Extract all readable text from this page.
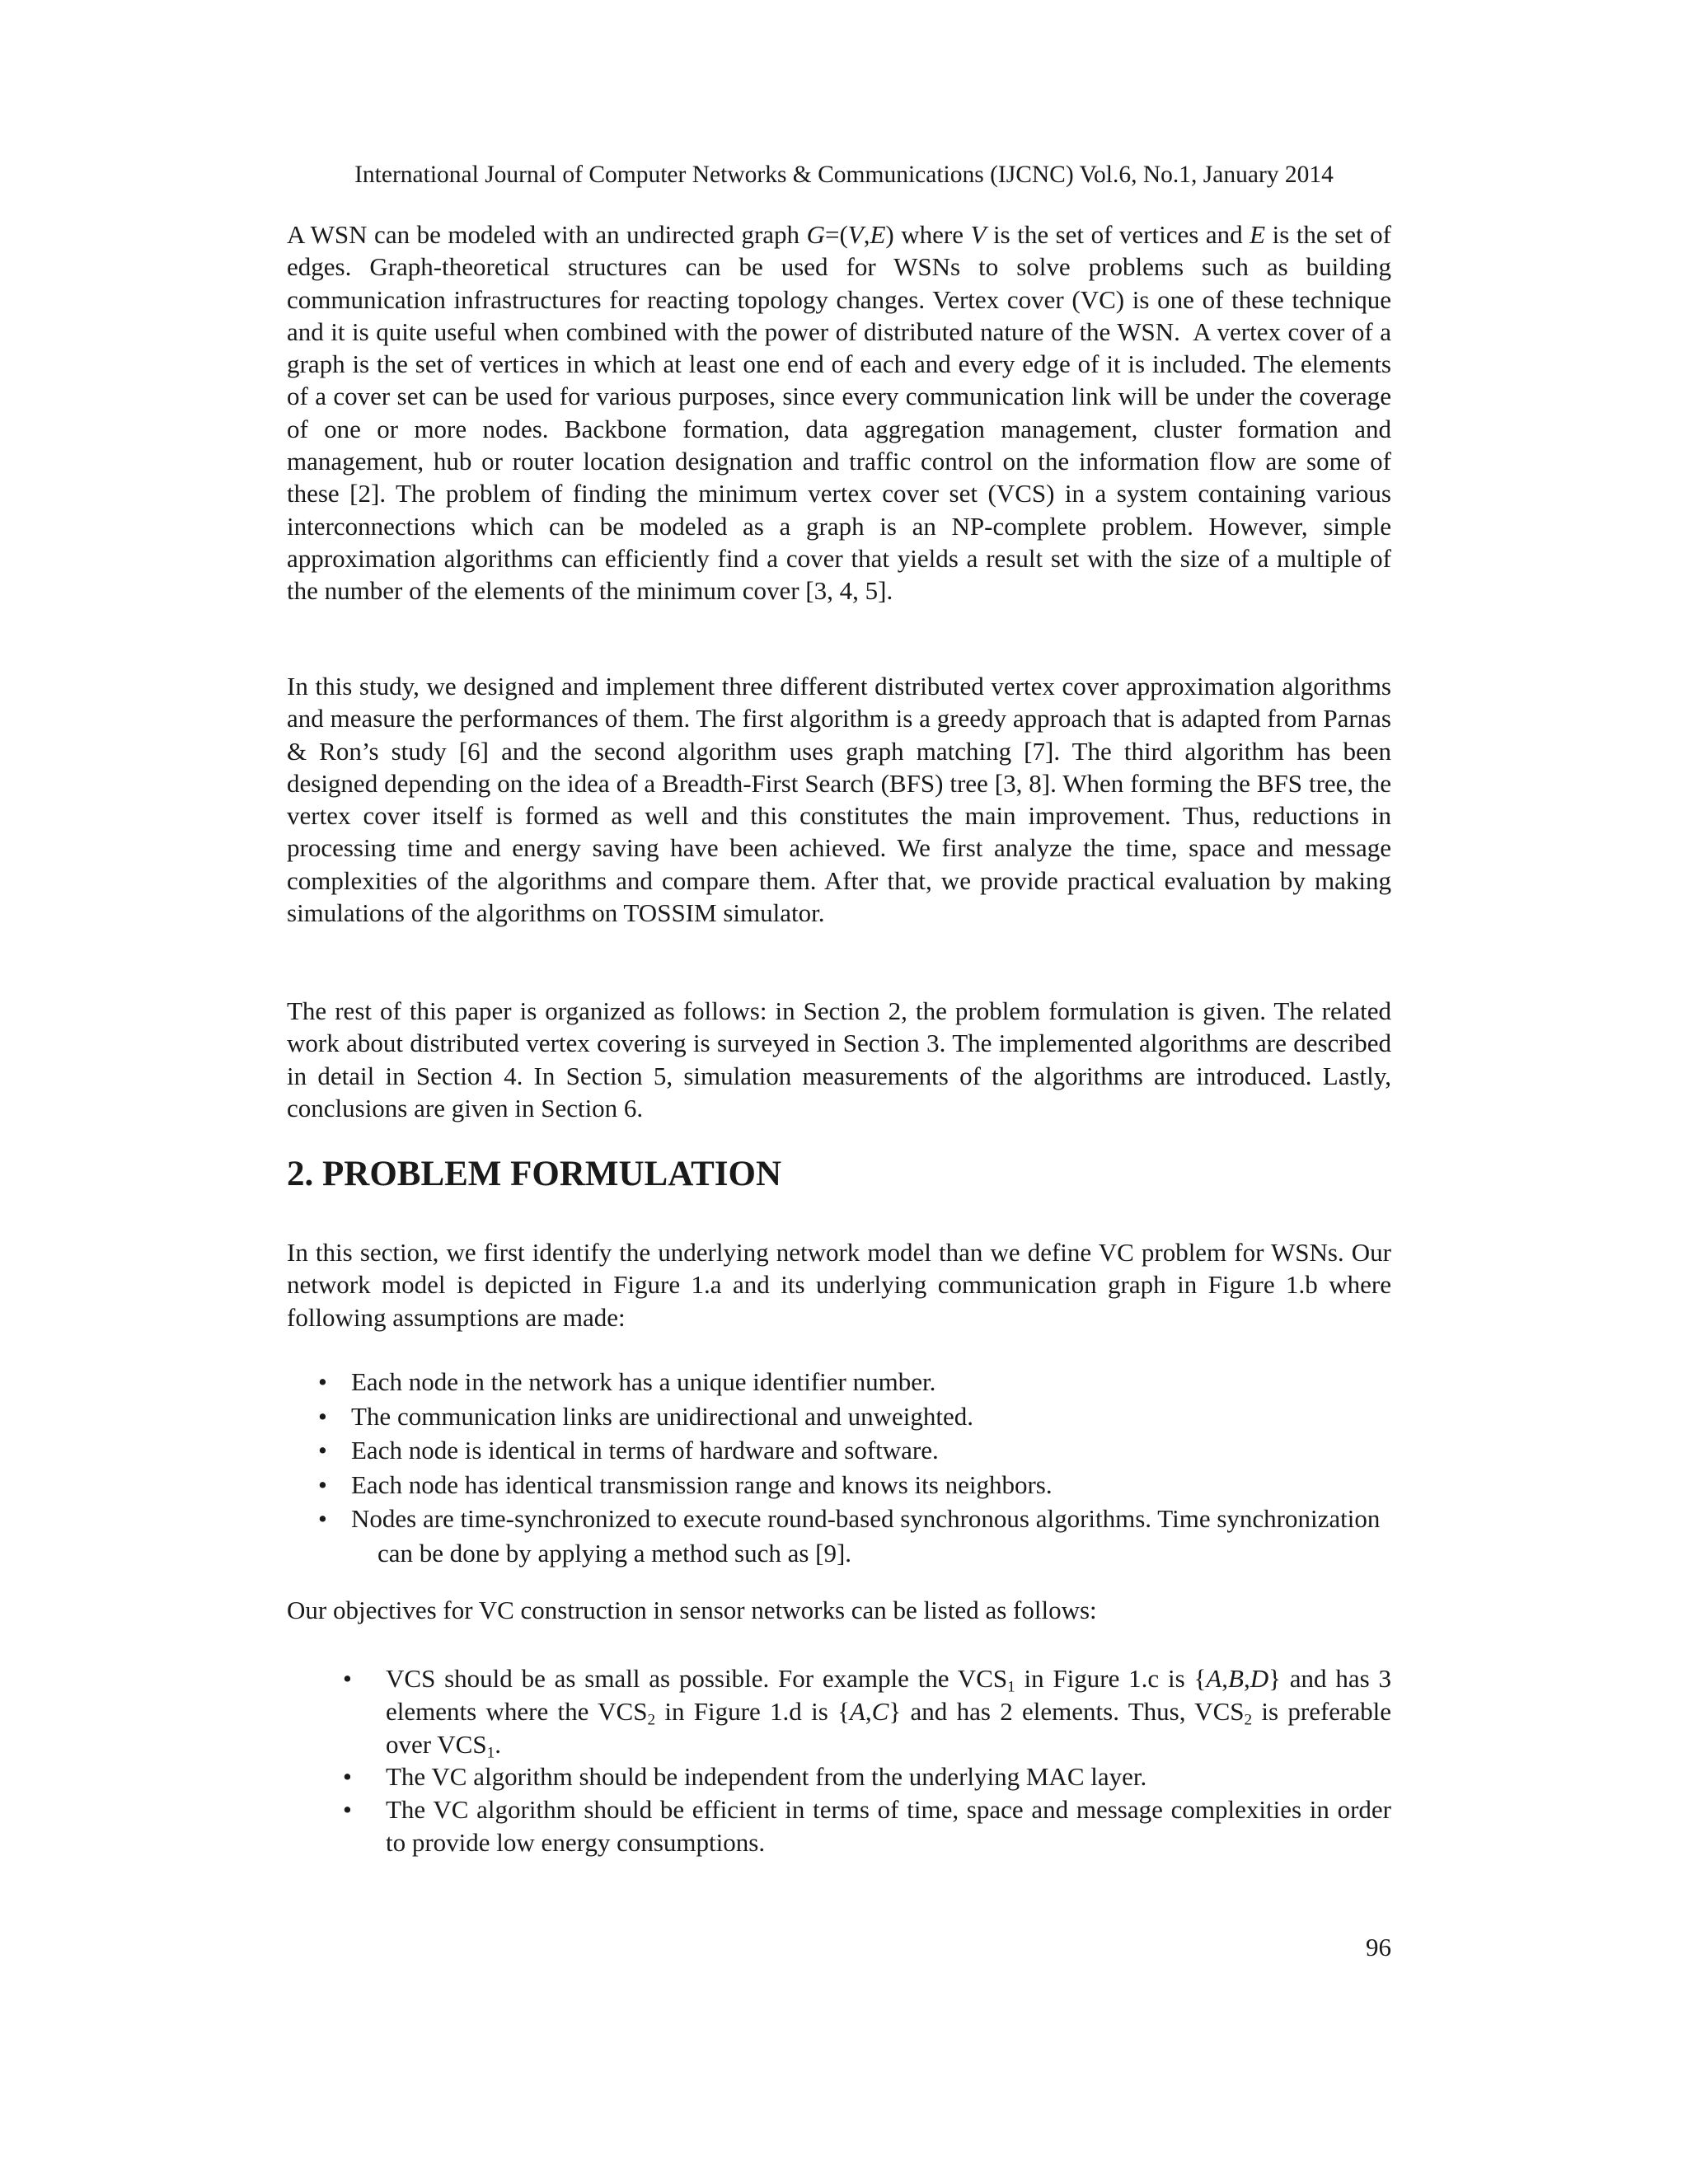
International Journal of Computer Networks & Communications (IJCNC) Vol.6, No.1, January 2014

A WSN can be modeled with an undirected graph G=(V,E) where V is the set of vertices and E is the set of edges. Graph-theoretical structures can be used for WSNs to solve problems such as building communication infrastructures for reacting topology changes. Vertex cover (VC) is one of these technique and it is quite useful when combined with the power of distributed nature of the WSN.  A vertex cover of a graph is the set of vertices in which at least one end of each and every edge of it is included. The elements of a cover set can be used for various purposes, since every communication link will be under the coverage of one or more nodes. Backbone formation, data aggregation management, cluster formation and management, hub or router location designation and traffic control on the information flow are some of these [2]. The problem of finding the minimum vertex cover set (VCS) in a system containing various interconnections which can be modeled as a graph is an NP-complete problem. However, simple approximation algorithms can efficiently find a cover that yields a result set with the size of a multiple of the number of the elements of the minimum cover [3, 4, 5].

In this study, we designed and implement three different distributed vertex cover approximation algorithms and measure the performances of them. The first algorithm is a greedy approach that is adapted from Parnas & Ron’s study [6] and the second algorithm uses graph matching [7]. The third algorithm has been designed depending on the idea of a Breadth-First Search (BFS) tree [3, 8]. When forming the BFS tree, the vertex cover itself is formed as well and this constitutes the main improvement. Thus, reductions in processing time and energy saving have been achieved. We first analyze the time, space and message complexities of the algorithms and compare them. After that, we provide practical evaluation by making simulations of the algorithms on TOSSIM simulator.

The rest of this paper is organized as follows: in Section 2, the problem formulation is given. The related work about distributed vertex covering is surveyed in Section 3. The implemented algorithms are described in detail in Section 4. In Section 5, simulation measurements of the algorithms are introduced. Lastly, conclusions are given in Section 6.

2. PROBLEM FORMULATION

In this section, we first identify the underlying network model than we define VC problem for WSNs. Our network model is depicted in Figure 1.a and its underlying communication graph in Figure 1.b where following assumptions are made:

• Each node in the network has a unique identifier number.
• The communication links are unidirectional and unweighted.
• Each node is identical in terms of hardware and software.
• Each node has identical transmission range and knows its neighbors.
• Nodes are time-synchronized to execute round-based synchronous algorithms. Time synchronization can be done by applying a method such as [9].

Our objectives for VC construction in sensor networks can be listed as follows:

• VCS should be as small as possible. For example the $VCS_1$ in Figure 1.c is {A,B,D} and has 3 elements where the $VCS_2$ in Figure 1.d is {A,C} and has 2 elements. Thus, $VCS_2$ is preferable over $VCS_1$.
• The VC algorithm should be independent from the underlying MAC layer.
• The VC algorithm should be efficient in terms of time, space and message complexities in order to provide low energy consumptions.

96
